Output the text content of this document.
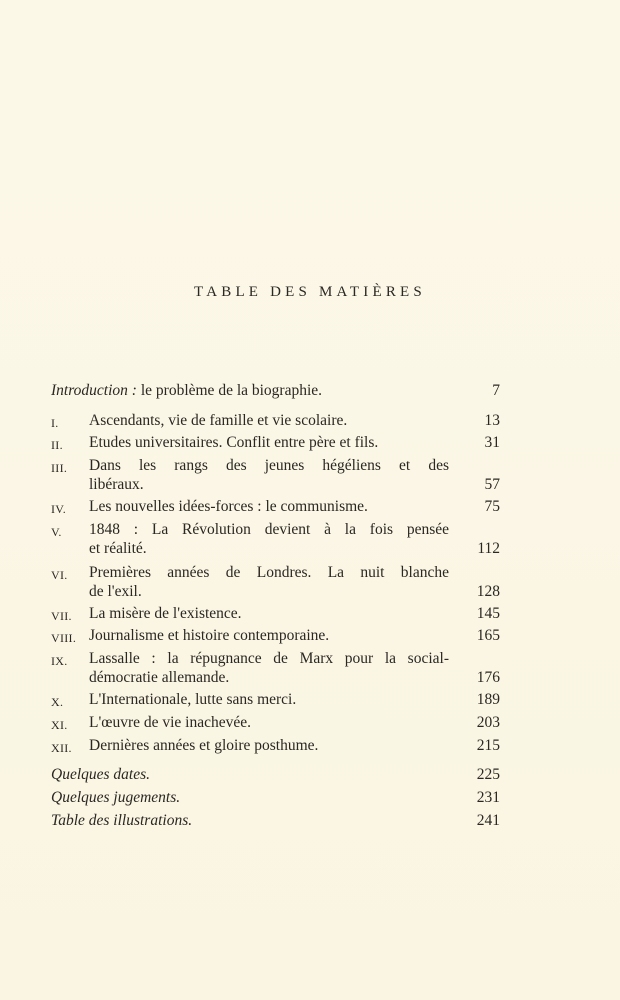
TABLE DES MATIÈRES
Introduction : le problème de la biographie.	7
I. Ascendants, vie de famille et vie scolaire.	13
II. Etudes universitaires. Conflit entre père et fils.	31
III. Dans les rangs des jeunes hégéliens et des
libéraux.	57
IV. Les nouvelles idées-forces : le communisme.	75
V. 1848 : La Révolution devient à la fois pensée
et réalité.	112
VI. Premières années de Londres. La nuit blanche
de l'exil.	128
VII. La misère de l'existence.	145
VIII. Journalisme et histoire contemporaine.	165
IX. Lassalle : la répugnance de Marx pour la social-
démocratie allemande.	176
X. L'Internationale, lutte sans merci.	189
XI. L'œuvre de vie inachevée.	203
XII. Dernières années et gloire posthume.	215
Quelques dates.	225
Quelques jugements.	231
Table des illustrations.	241
